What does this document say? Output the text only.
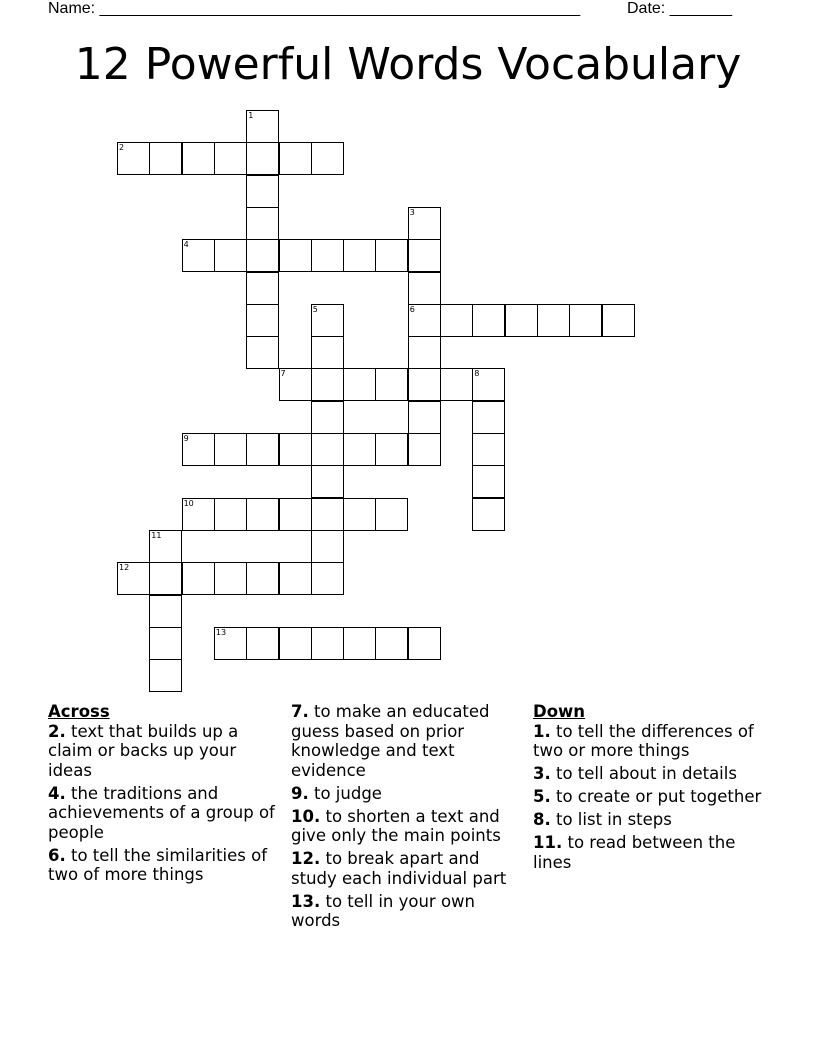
Name: ______________________________________________________	Date: _______
12 Powerful Words Vocabulary
1
2
3
6
4
5
7	8
9
10
11
12
13
Across
2. text that builds up a claim or backs up your ideas
4. the traditions and achievements of a group of people
6. to tell the similarities of two of more things
7. to make an educated guess based on prior knowledge and text evidence
9. to judge
10. to shorten a text and give only the main points
12. to break apart and study each individual part
13. to tell in your own words
Down
1. to tell the differences of two or more things
3. to tell about in details
5. to create or put together
8. to list in steps
11. to read between the lines
